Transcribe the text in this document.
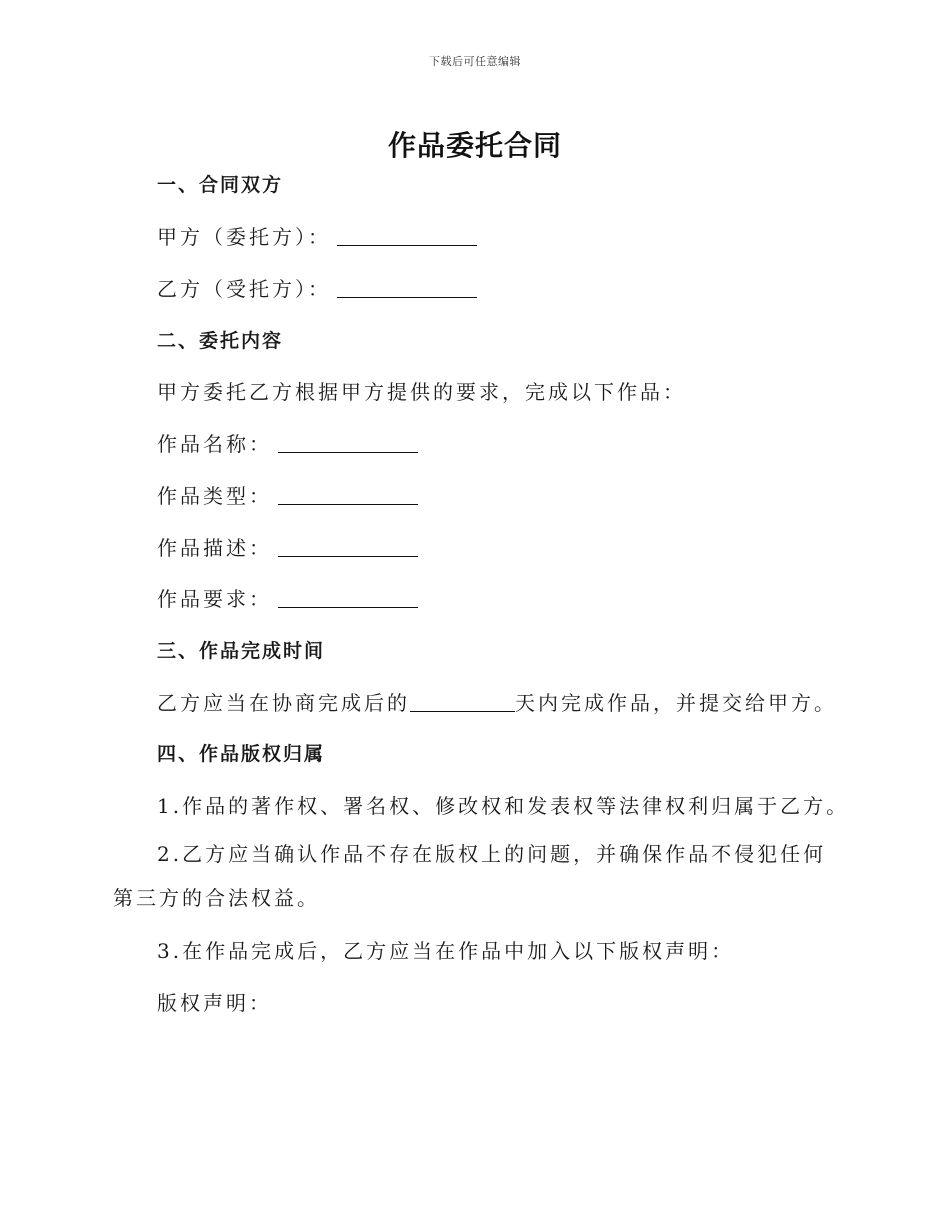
下载后可任意编辑
作品委托合同
一、合同双方
甲方（委托方）：
乙方（受托方）：
二、委托内容
甲方委托乙方根据甲方提供的要求，完成以下作品：
作品名称：
作品类型：
作品描述：
作品要求：
三、作品完成时间
乙方应当在协商完成后的	天内完成作品，并提交给甲方。
四、作品版权归属
1.作品的著作权、署名权、修改权和发表权等法律权利归属于乙方。
2.乙方应当确认作品不存在版权上的问题，并确保作品不侵犯任何第三方的合法权益。
3.在作品完成后，乙方应当在作品中加入以下版权声明：
版权声明：
